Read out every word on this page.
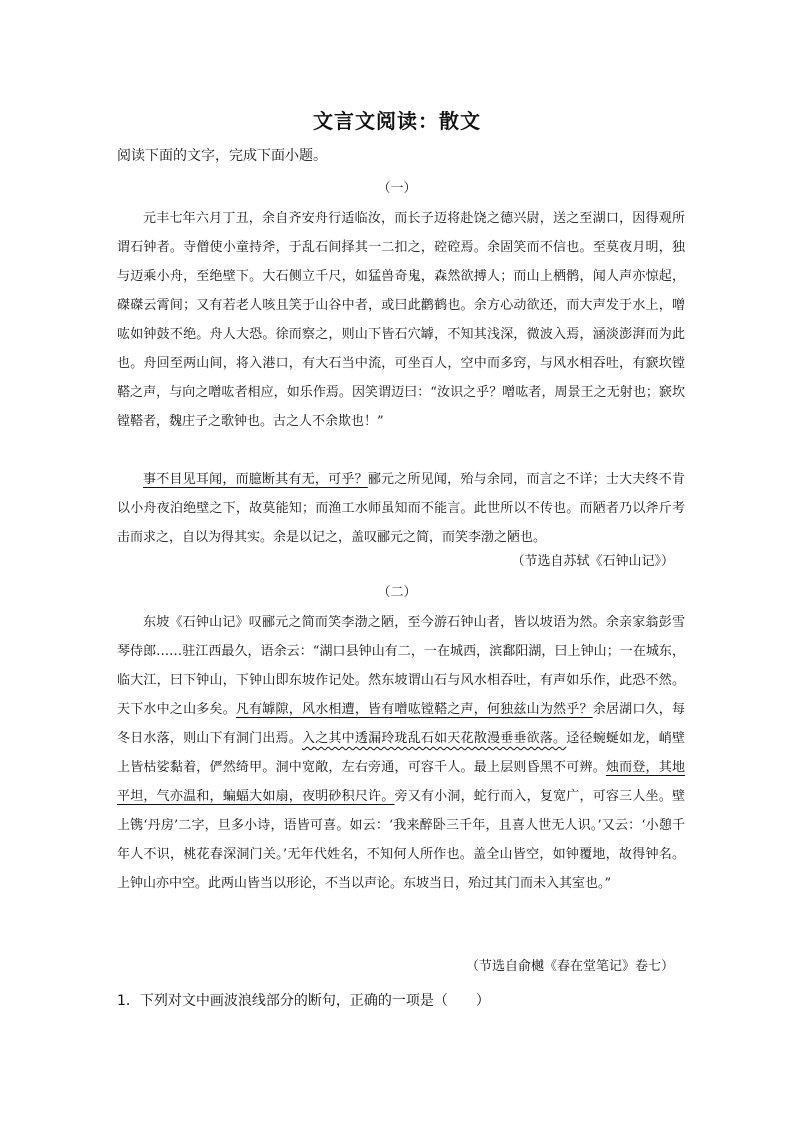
文言文阅读：散文
阅读下面的文字，完成下面小题。
（一）

元丰七年六月丁丑，余自齐安舟行适临汝，而长子迈将赴饶之德兴尉，送之至湖口，因得观所谓石钟者。寺僧使小童持斧，于乱石间择其一二扣之，硿硿焉。余固笑而不信也。至莫夜月明，独与迈乘小舟，至绝壁下。大石侧立千尺，如猛兽奇鬼，森然欲搏人；而山上栖鹘，闻人声亦惊起，磔磔云霄间；又有若老人咳且笑于山谷中者，或曰此鹳鹤也。余方心动欲还，而大声发于水上，噌吰如钟鼓不绝。舟人大恐。徐而察之，则山下皆石穴罅，不知其浅深，微波入焉，涵淡澎湃而为此也。舟回至两山间，将入港口，有大石当中流，可坐百人，空中而多窍，与风水相吞吐，有窾坎镗鞳之声，与向之噌吰者相应，如乐作焉。因笑谓迈曰：“汝识之乎？噌吰者，周景王之无射也；窾坎镗鞳者，魏庄子之歌钟也。古之人不余欺也！”

事不目见耳闻，而臆断其有无，可乎？郦元之所见闻，殆与余同，而言之不详；士大夫终不肯以小舟夜泊绝壁之下，故莫能知；而渔工水师虽知而不能言。此世所以不传也。而陋者乃以斧斤考击而求之，自以为得其实。余是以记之，盖叹郦元之简，而笑李渤之陋也。

（节选自苏轼《石钟山记》）
（二）

东坡《石钟山记》叹郦元之简而笑李渤之陋，至今游石钟山者，皆以坡语为然。余亲家翁彭雪琴侍郎……驻江西最久，语余云：“湖口县钟山有二，一在城西，滨鄱阳湖，曰上钟山；一在城东，临大江，曰下钟山，下钟山即东坡作记处。然东坡谓山石与风水相吞吐，有声如乐作，此恐不然。天下水中之山多矣。凡有罅隙，风水相遭，皆有噌吰镗鞳之声，何独兹山为然乎？余居湖口久，每冬日水落，则山下有洞门出焉。入之其中透漏玲珑乱石如天花散漫垂垂欲落。迳径蜿蜒如龙，峭壁上皆枯娑黏着，俨然绮甲。洞中宽敞，左右旁通，可容千人。最上层则昏黑不可辨。烛而登，其地平坦，气亦温和，蝙蝠大如扇，夜明砂积尺许。旁又有小洞，蛇行而入，复宽广，可容三人坐。壁上镌‘丹房’二字，旦多小诗，语皆可喜。如云：‘我来醉卧三千年，且喜人世无人识。’又云：‘小憩千年人不识，桃花春深洞门关。’无年代姓名，不知何人所作也。盖全山皆空，如钟覆地，故得钟名。上钟山亦中空。此两山皆当以形论，不当以声论。东坡当日，殆过其门而未入其室也。”

（节选自俞樾《春在堂笔记》卷七）
1．下列对文中画波浪线部分的断句，正确的一项是（　　）
